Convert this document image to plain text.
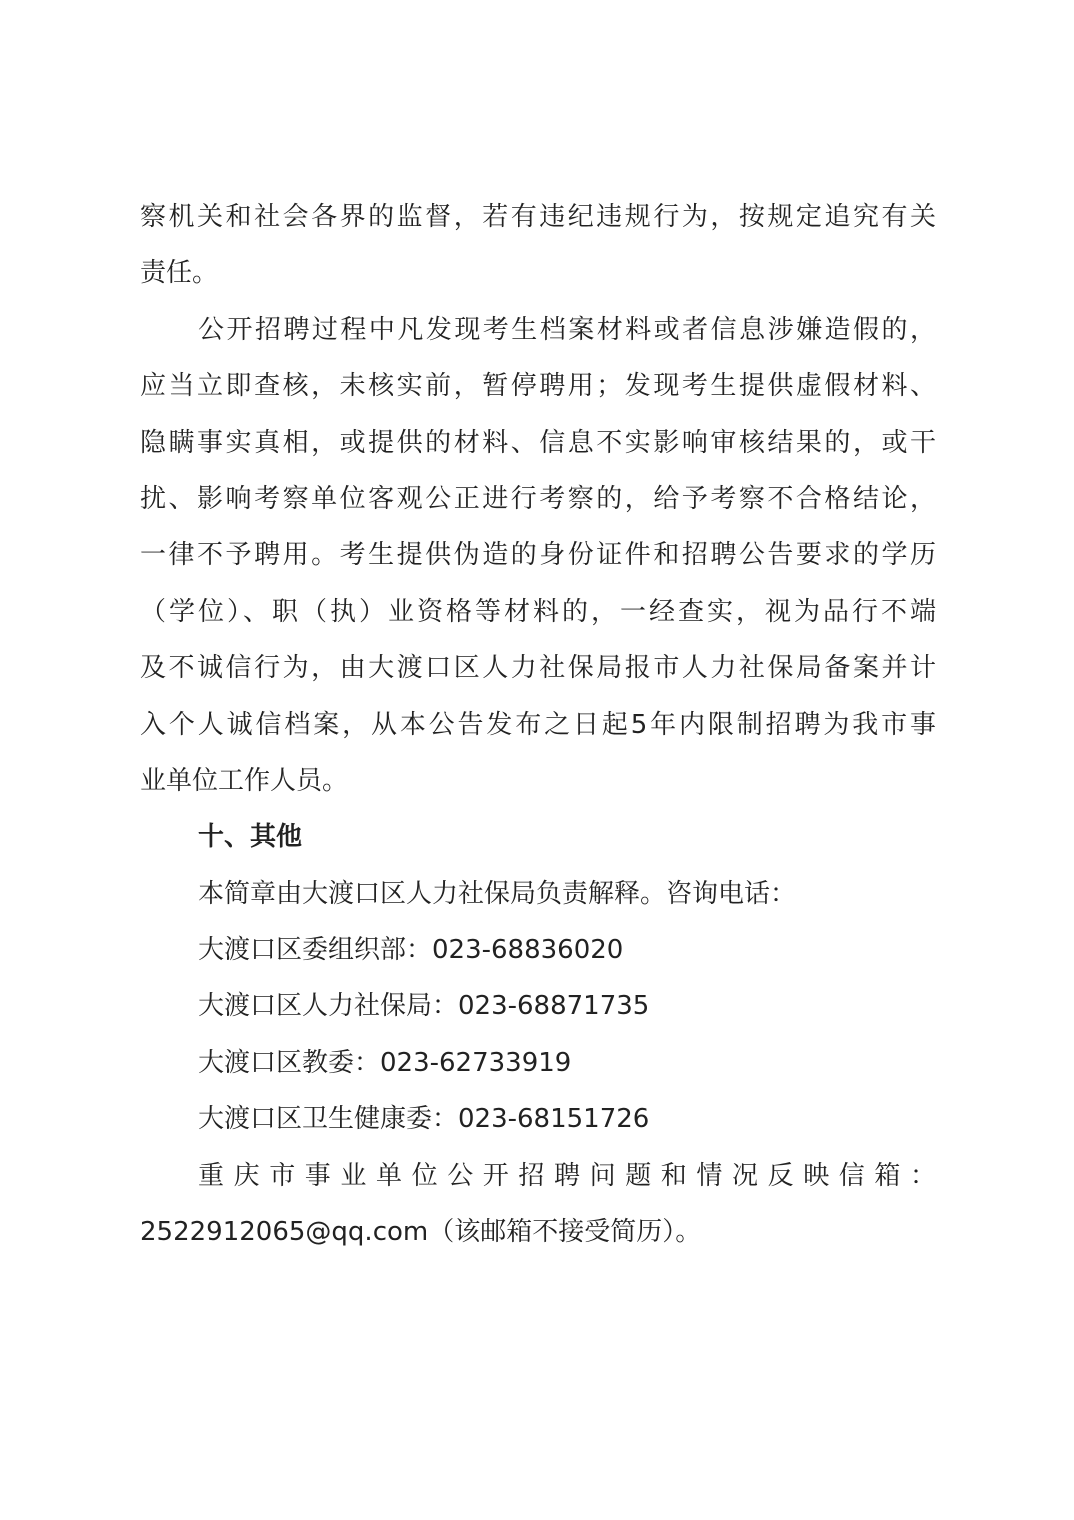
察机关和社会各界的监督，若有违纪违规行为，按规定追究有关
责任。
公开招聘过程中凡发现考生档案材料或者信息涉嫌造假的，
应当立即查核，未核实前，暂停聘用；发现考生提供虚假材料、
隐瞒事实真相，或提供的材料、信息不实影响审核结果的，或干
扰、影响考察单位客观公正进行考察的，给予考察不合格结论，
一律不予聘用。考生提供伪造的身份证件和招聘公告要求的学历
（学位）、职（执）业资格等材料的，一经查实，视为品行不端
及不诚信行为，由大渡口区人力社保局报市人力社保局备案并计
入个人诚信档案，从本公告发布之日起5年内限制招聘为我市事
业单位工作人员。
十、其他
本简章由大渡口区人力社保局负责解释。咨询电话：
大渡口区委组织部：023-68836020
大渡口区人力社保局：023-68871735
大渡口区教委：023-62733919
大渡口区卫生健康委：023-68151726
重 庆 市 事 业 单 位 公 开 招 聘 问 题 和 情 况 反 映 信 箱 ：
2522912065@qq.com（该邮箱不接受简历）。
